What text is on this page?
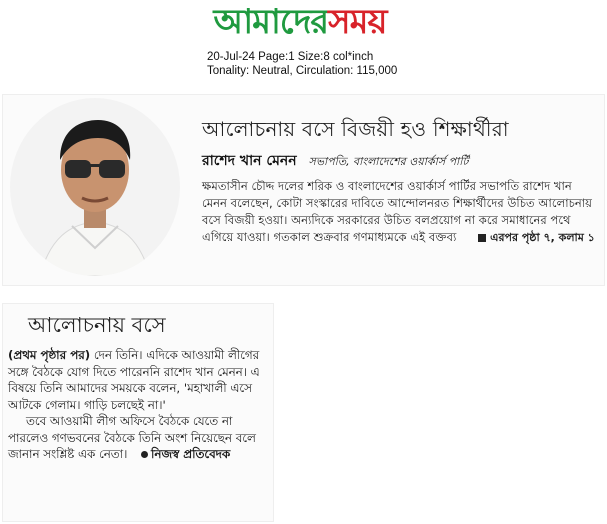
আমাদের সময়
20-Jul-24 Page:1 Size:8 col*inch
Tonality: Neutral, Circulation: 115,000
আলোচনায় বসে বিজয়ী হও শিক্ষার্থীরা
রাশেদ খান মেনন সভাপতি, বাংলাদেশের ওয়ার্কার্স পার্টি

ক্ষমতাসীন চৌদ্দ দলের শরিক ও বাংলাদেশের ওয়ার্কার্স পার্টির সভাপতি রাশেদ খান মেনন বলেছেন, কোটা সংস্কারের দাবিতে আন্দোলনরত শিক্ষার্থীদের উচিত আলোচনায় বসে বিজয়ী হওয়া। অন্যদিকে সরকারের উচিত বলপ্রয়োগ না করে সমাধানের পথে এগিয়ে যাওয়া। গতকাল শুক্রবার গণমাধ্যমকে এই বক্তব্য	এরপর পৃষ্ঠা ৭, কলাম ১

আলোচনায় বসে

(প্রথম পৃষ্ঠার পর) দেন তিনি। এদিকে আওয়ামী লীগের সঙ্গে বৈঠকে যোগ দিতে পারেননি রাশেদ খান মেনন। এ বিষয়ে তিনি আমাদের সময়কে বলেন, 'মহাখালী এসে আটকে গেলাম। গাড়ি চলছেই না।'

তবে আওয়ামী লীগ অফিসে বৈঠকে যেতে না পারলেও গণভবনের বৈঠকে তিনি অংশ নিয়েছেন বলে জানান সংশ্লিষ্ট এক নেতা। নিজস্ব প্রতিবেদক
